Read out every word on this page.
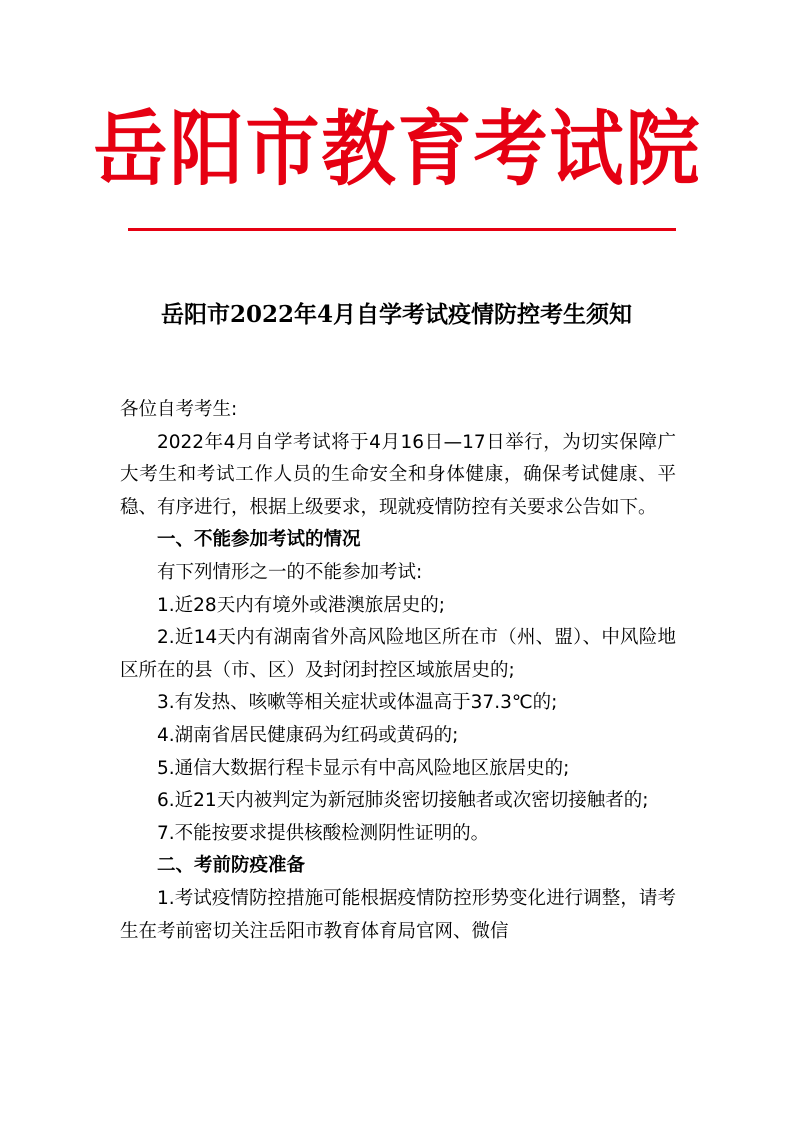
岳阳市教育考试院
岳阳市2022年4月自学考试疫情防控考生须知

各位自考考生:

2022年4月自学考试将于4月16日—17日举行，为切实保障广大考生和考试工作人员的生命安全和身体健康，确保考试健康、平稳、有序进行，根据上级要求，现就疫情防控有关要求公告如下。

一、不能参加考试的情况

有下列情形之一的不能参加考试:

1.近28天内有境外或港澳旅居史的;

2.近14天内有湖南省外高风险地区所在市（州、盟）、中风险地区所在的县（市、区）及封闭封控区域旅居史的;

3.有发热、咳嗽等相关症状或体温高于37.3℃的;

4.湖南省居民健康码为红码或黄码的;

5.通信大数据行程卡显示有中高风险地区旅居史的;

6.近21天内被判定为新冠肺炎密切接触者或次密切接触者的;

7.不能按要求提供核酸检测阴性证明的。

二、考前防疫准备

1.考试疫情防控措施可能根据疫情防控形势变化进行调整，请考生在考前密切关注岳阳市教育体育局官网、微信
